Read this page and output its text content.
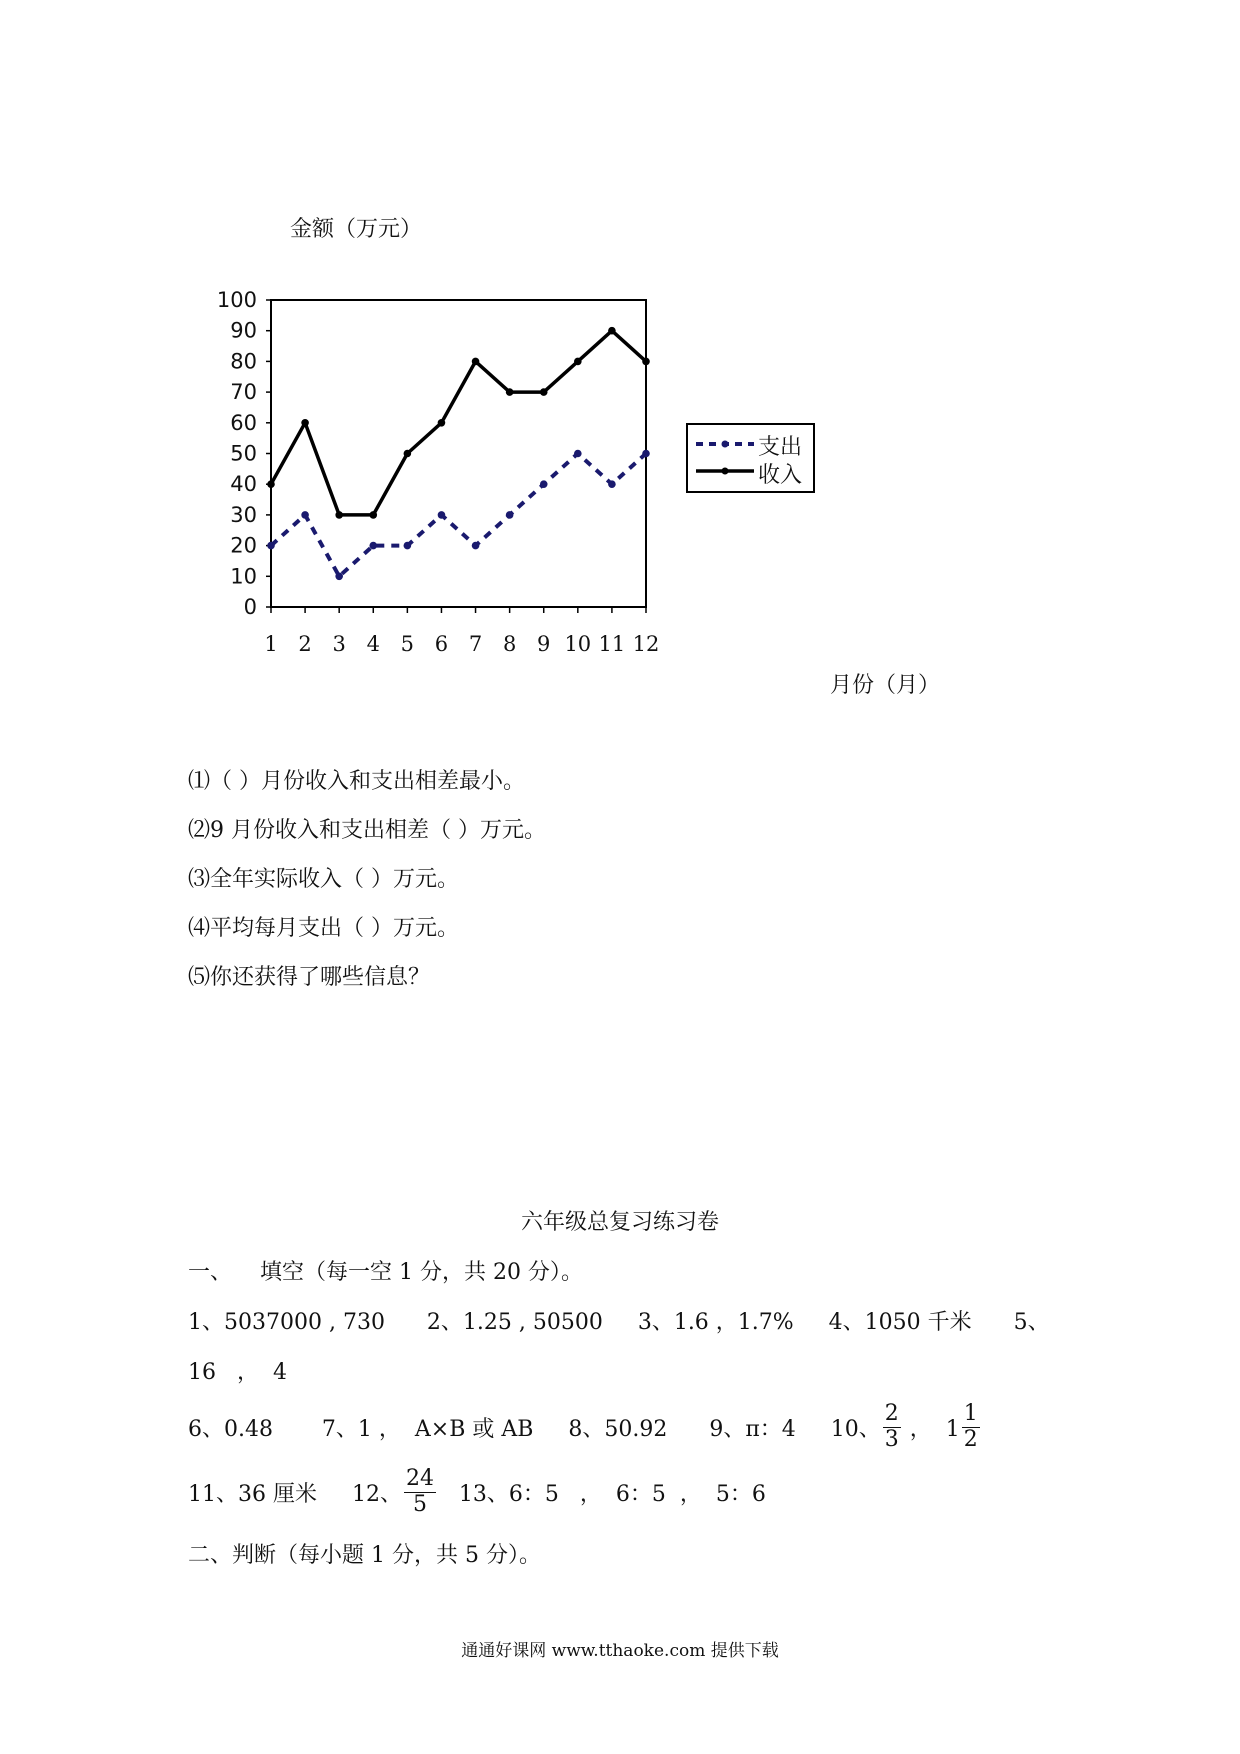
金额（万元）
0
10
20
30
40
50
60
70
80
90
100
1 2 3 4 5 6 7 8 9 10 11 12
月份（月）
支出
收入
⑴（ ）月份收入和支出相差最小。
⑵9 月份收入和支出相差（ ）万元。
⑶全年实际收入（ ）万元。
⑷平均每月支出（ ）万元。
⑸你还获得了哪些信息？
六年级总复习练习卷
一、    填空（每一空 1 分，共 20 分）。
1、5037000 , 730      2、1.25 , 50500     3、1.6 ，1.7%     4、1050 千米      5、
16   ，  4
6、0.48       7、1 ，  A×B 或 AB     8、50.92      9、π：4     10、 $\frac{2}{3}$ ，  $1 \frac{1}{2}$
11、36 厘米     12、 $\frac{24}{5} 13$、6：5   ，  6：5  ，  5：6
二、判断（每小题 1 分，共 5 分）。
通通好课网 www.tthaoke.com 提供下载
